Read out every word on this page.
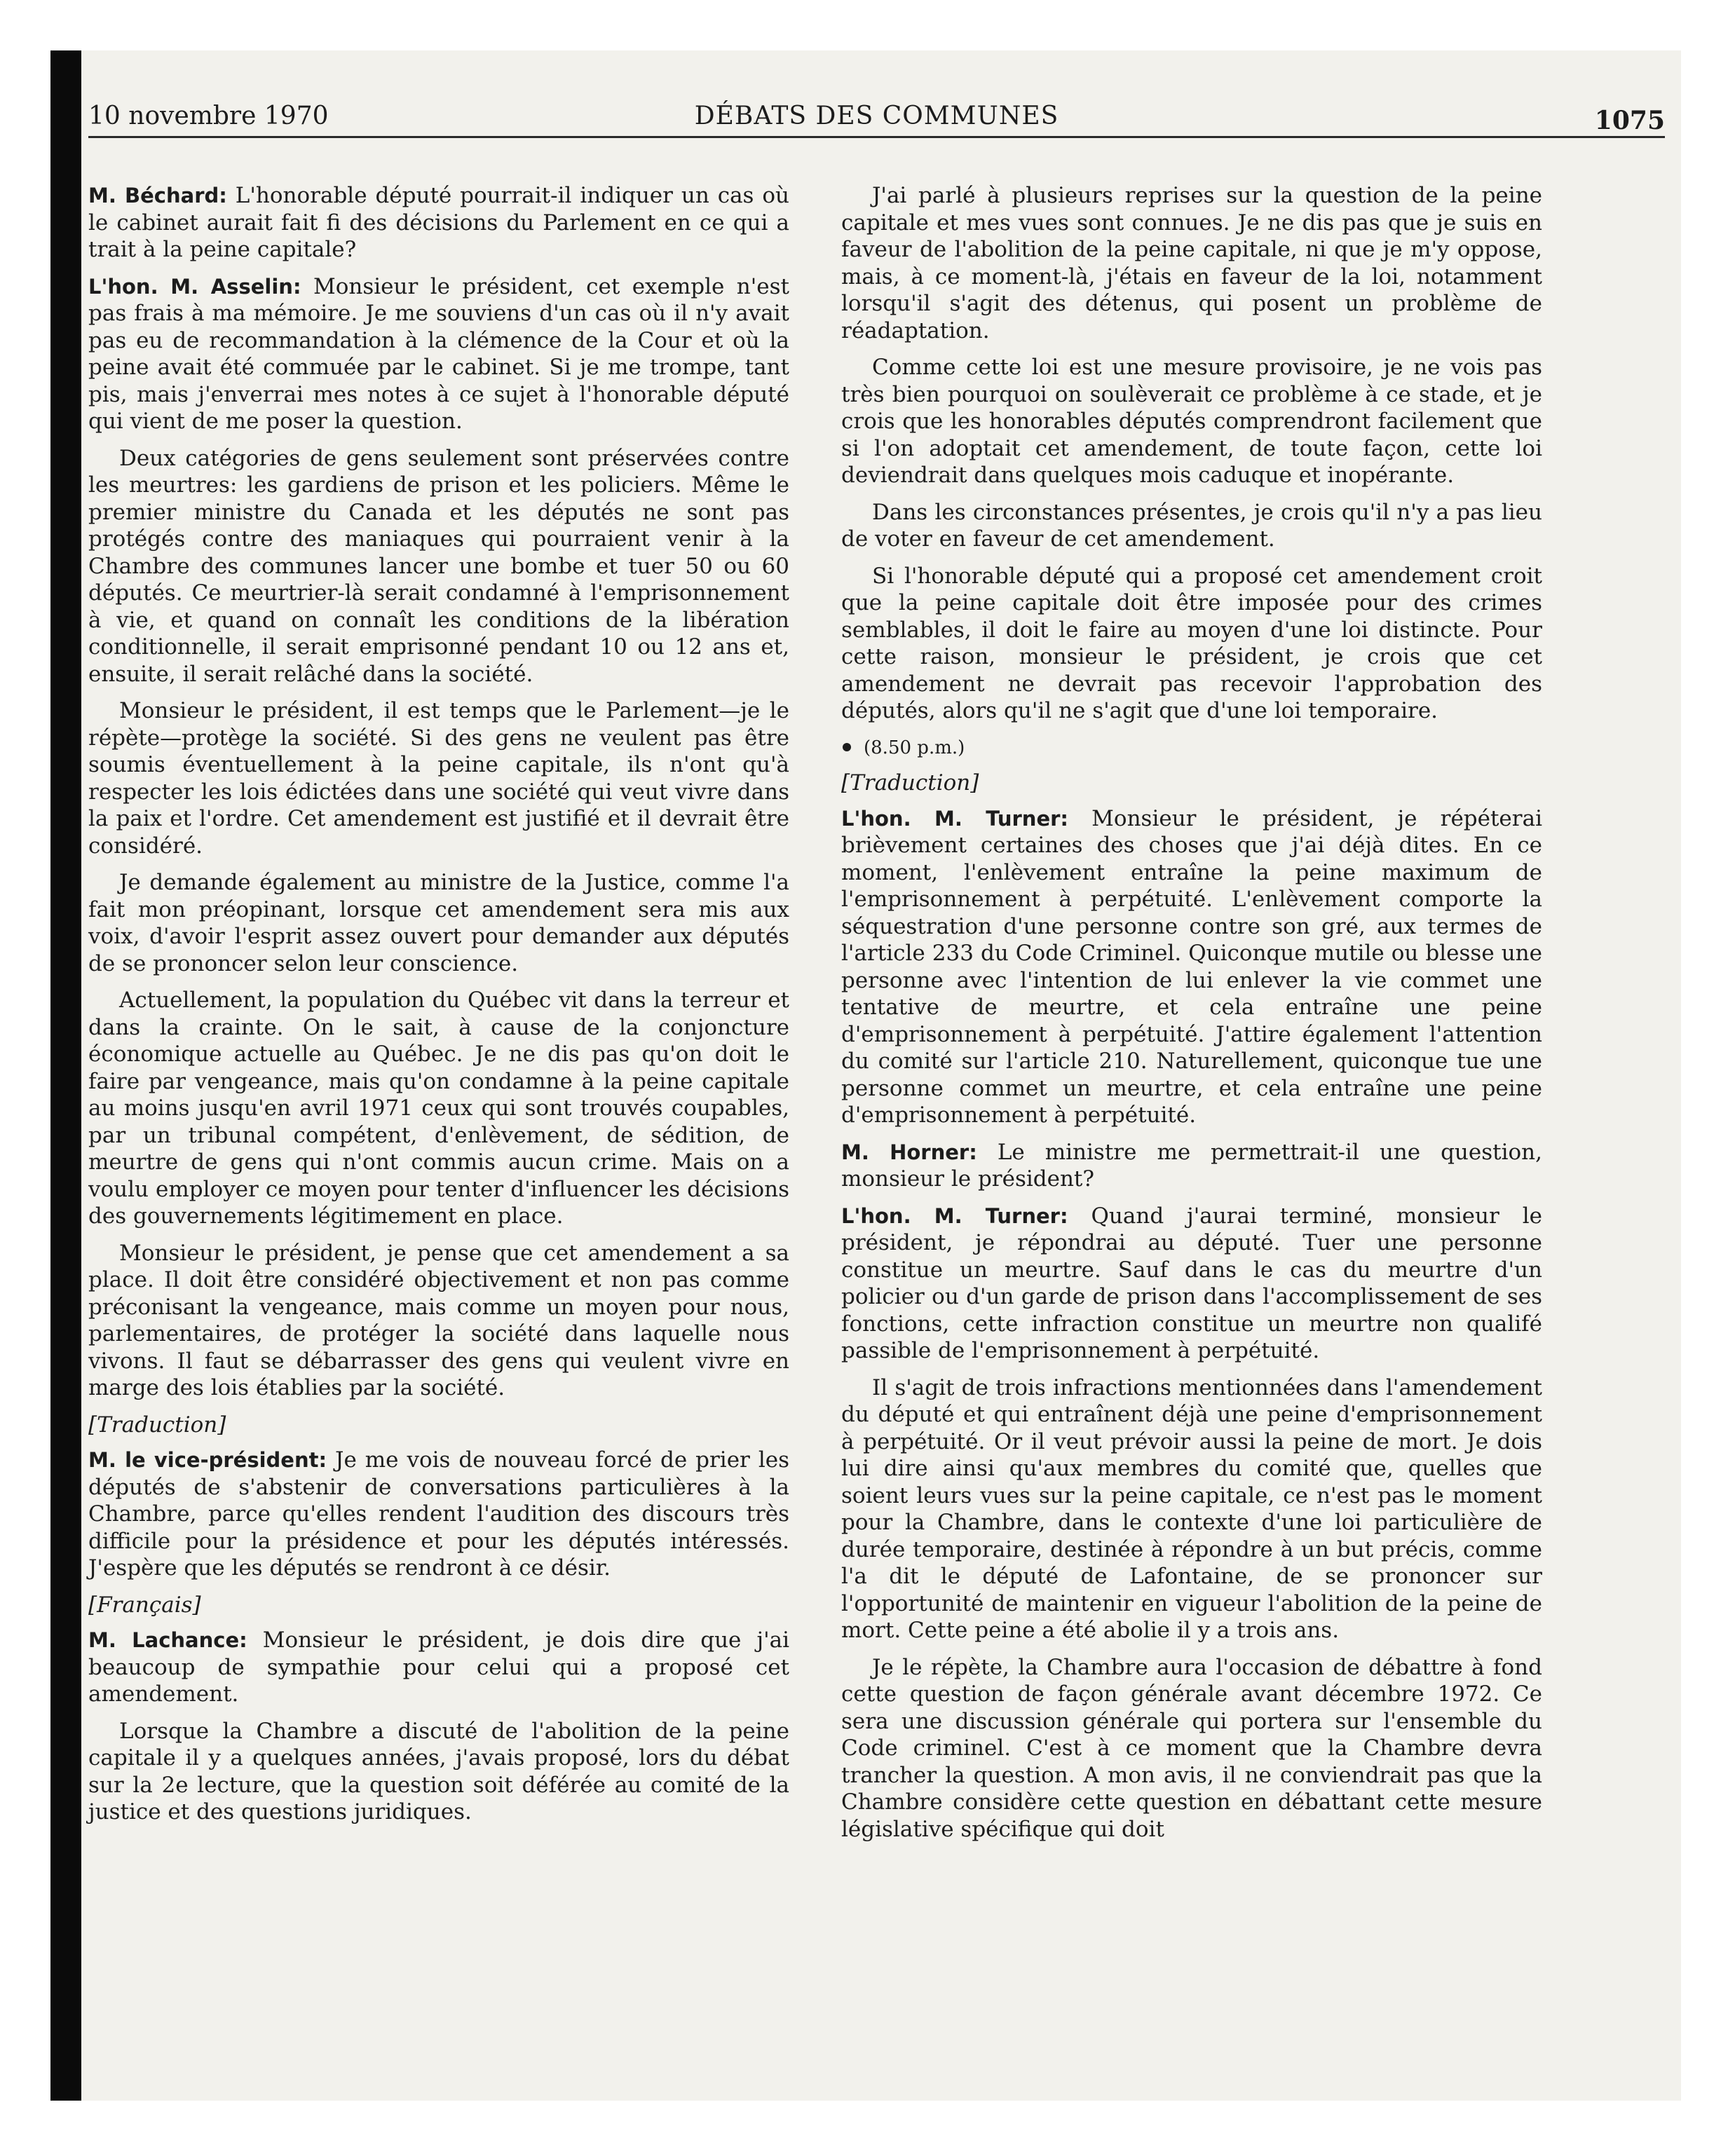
10 novembre 1970	DÉBATS DES COMMUNES	1075

M. Béchard: L'honorable député pourrait-il indiquer un cas où le cabinet aurait fait fi des décisions du Parlement en ce qui a trait à la peine capitale?

L'hon. M. Asselin: Monsieur le président, cet exemple n'est pas frais à ma mémoire. Je me souviens d'un cas où il n'y avait pas eu de recommandation à la clémence de la Cour et où la peine avait été commuée par le cabinet. Si je me trompe, tant pis, mais j'enverrai mes notes à ce sujet à l'honorable député qui vient de me poser la question.

Deux catégories de gens seulement sont préservées contre les meurtres: les gardiens de prison et les policiers. Même le premier ministre du Canada et les députés ne sont pas protégés contre des maniaques qui pourraient venir à la Chambre des communes lancer une bombe et tuer 50 ou 60 députés. Ce meurtrier-là serait condamné à l'emprisonnement à vie, et quand on connaît les conditions de la libération conditionnelle, il serait emprisonné pendant 10 ou 12 ans et, ensuite, il serait relâché dans la société.

Monsieur le président, il est temps que le Parlement—je le répète—protège la société. Si des gens ne veulent pas être soumis éventuellement à la peine capitale, ils n'ont qu'à respecter les lois édictées dans une société qui veut vivre dans la paix et l'ordre. Cet amendement est justifié et il devrait être considéré.

Je demande également au ministre de la Justice, comme l'a fait mon préopinant, lorsque cet amendement sera mis aux voix, d'avoir l'esprit assez ouvert pour demander aux députés de se prononcer selon leur conscience.

Actuellement, la population du Québec vit dans la terreur et dans la crainte. On le sait, à cause de la conjoncture économique actuelle au Québec. Je ne dis pas qu'on doit le faire par vengeance, mais qu'on condamne à la peine capitale au moins jusqu'en avril 1971 ceux qui sont trouvés coupables, par un tribunal compétent, d'enlèvement, de sédition, de meurtre de gens qui n'ont commis aucun crime. Mais on a voulu employer ce moyen pour tenter d'influencer les décisions des gouvernements légitimement en place.

Monsieur le président, je pense que cet amendement a sa place. Il doit être considéré objectivement et non pas comme préconisant la vengeance, mais comme un moyen pour nous, parlementaires, de protéger la société dans laquelle nous vivons. Il faut se débarrasser des gens qui veulent vivre en marge des lois établies par la société.

[Traduction]

M. le vice-président: Je me vois de nouveau forcé de prier les députés de s'abstenir de conversations particulières à la Chambre, parce qu'elles rendent l'audition des discours très difficile pour la présidence et pour les députés intéressés. J'espère que les députés se rendront à ce désir.

[Français]

M. Lachance: Monsieur le président, je dois dire que j'ai beaucoup de sympathie pour celui qui a proposé cet amendement.

Lorsque la Chambre a discuté de l'abolition de la peine capitale il y a quelques années, j'avais proposé, lors du débat sur la 2e lecture, que la question soit déférée au comité de la justice et des questions juridiques.

J'ai parlé à plusieurs reprises sur la question de la peine capitale et mes vues sont connues. Je ne dis pas que je suis en faveur de l'abolition de la peine capitale, ni que je m'y oppose, mais, à ce moment-là, j'étais en faveur de la loi, notamment lorsqu'il s'agit des détenus, qui posent un problème de réadaptation.

Comme cette loi est une mesure provisoire, je ne vois pas très bien pourquoi on soulèverait ce problème à ce stade, et je crois que les honorables députés comprendront facilement que si l'on adoptait cet amendement, de toute façon, cette loi deviendrait dans quelques mois caduque et inopérante.

Dans les circonstances présentes, je crois qu'il n'y a pas lieu de voter en faveur de cet amendement.

Si l'honorable député qui a proposé cet amendement croit que la peine capitale doit être imposée pour des crimes semblables, il doit le faire au moyen d'une loi distincte. Pour cette raison, monsieur le président, je crois que cet amendement ne devrait pas recevoir l'approbation des députés, alors qu'il ne s'agit que d'une loi temporaire.

(8.50 p.m.)
[Traduction]

L'hon. M. Turner: Monsieur le président, je répéterai brièvement certaines des choses que j'ai déjà dites. En ce moment, l'enlèvement entraîne la peine maximum de l'emprisonnement à perpétuité. L'enlèvement comporte la séquestration d'une personne contre son gré, aux termes de l'article 233 du Code Criminel. Quiconque mutile ou blesse une personne avec l'intention de lui enlever la vie commet une tentative de meurtre, et cela entraîne une peine d'emprisonnement à perpétuité. J'attire également l'attention du comité sur l'article 210. Naturellement, quiconque tue une personne commet un meurtre, et cela entraîne une peine d'emprisonnement à perpétuité.

M. Horner: Le ministre me permettrait-il une question, monsieur le président?

L'hon. M. Turner: Quand j'aurai terminé, monsieur le président, je répondrai au député. Tuer une personne constitue un meurtre. Sauf dans le cas du meurtre d'un policier ou d'un garde de prison dans l'accomplissement de ses fonctions, cette infraction constitue un meurtre non qualifé passible de l'emprisonnement à perpétuité.

Il s'agit de trois infractions mentionnées dans l'amendement du député et qui entraînent déjà une peine d'emprisonnement à perpétuité. Or il veut prévoir aussi la peine de mort. Je dois lui dire ainsi qu'aux membres du comité que, quelles que soient leurs vues sur la peine capitale, ce n'est pas le moment pour la Chambre, dans le contexte d'une loi particulière de durée temporaire, destinée à répondre à un but précis, comme l'a dit le député de Lafontaine, de se prononcer sur l'opportunité de maintenir en vigueur l'abolition de la peine de mort. Cette peine a été abolie il y a trois ans.

Je le répète, la Chambre aura l'occasion de débattre à fond cette question de façon générale avant décembre 1972. Ce sera une discussion générale qui portera sur l'ensemble du Code criminel. C'est à ce moment que la Chambre devra trancher la question. A mon avis, il ne conviendrait pas que la Chambre considère cette question en débattant cette mesure législative spécifique qui doit
